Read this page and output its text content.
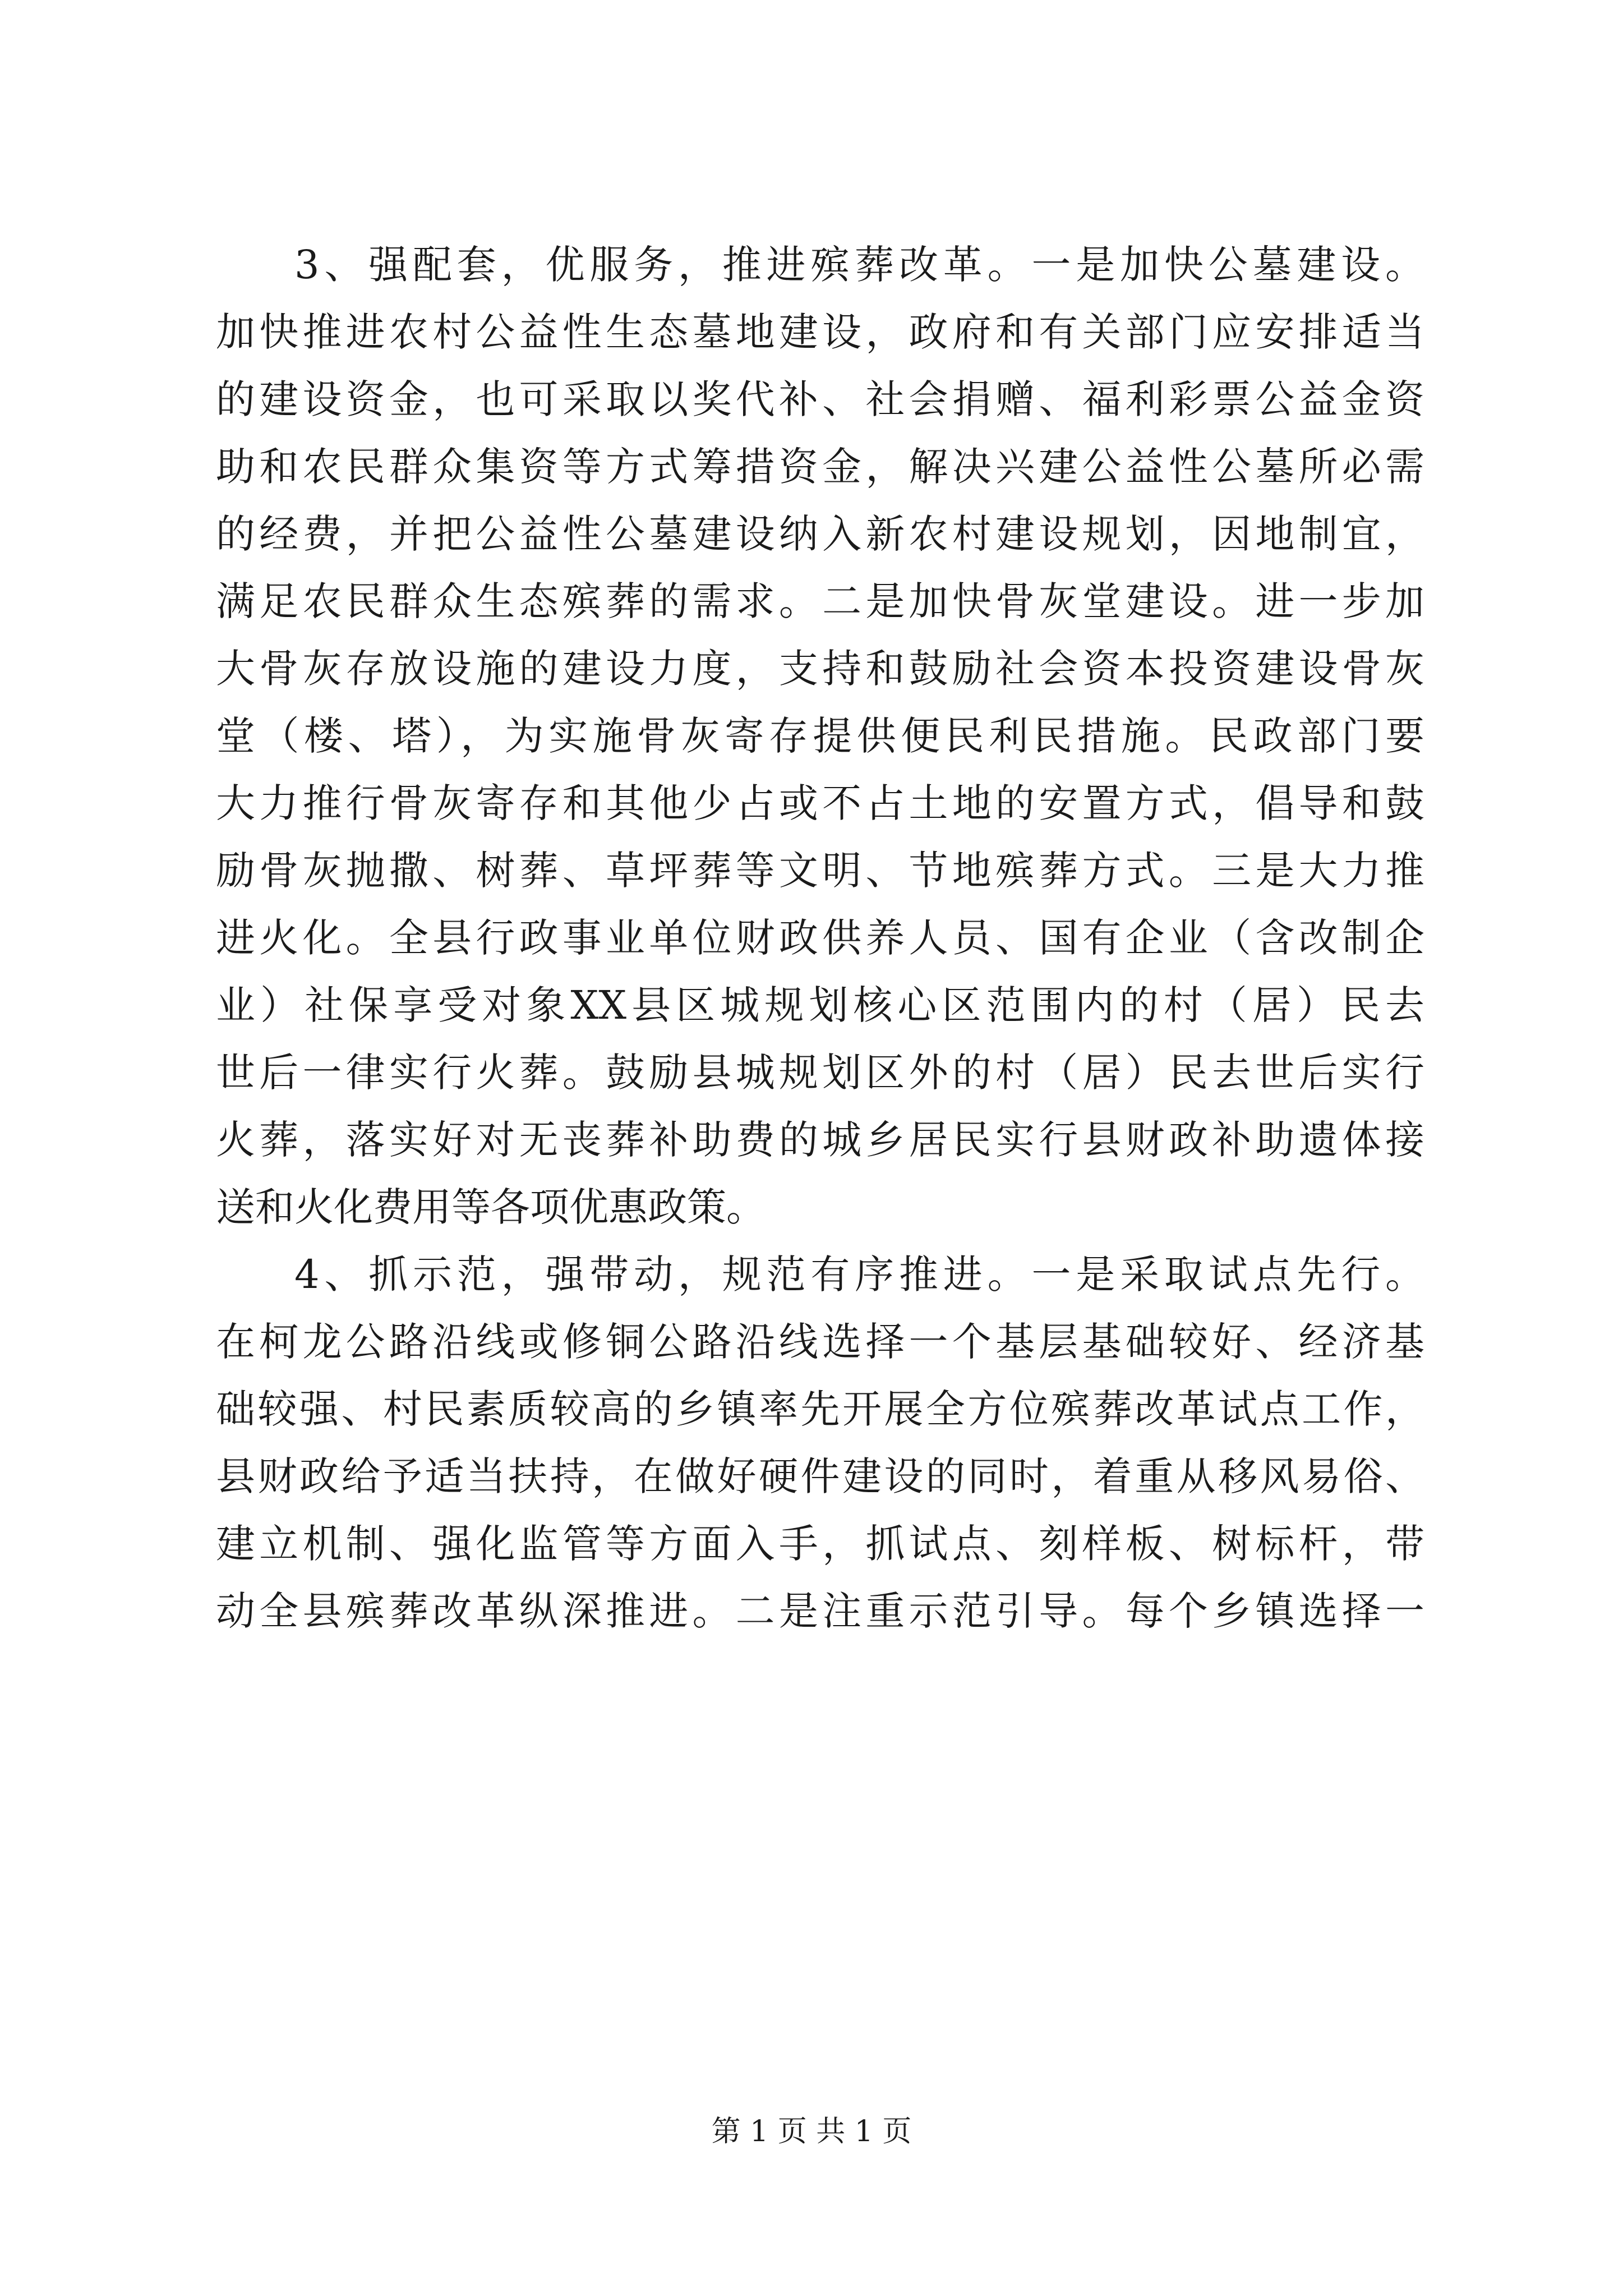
3、强配套，优服务，推进殡葬改革。一是加快公墓建设。
加快推进农村公益性生态墓地建设，政府和有关部门应安排适当
的建设资金，也可采取以奖代补、社会捐赠、福利彩票公益金资
助和农民群众集资等方式筹措资金，解决兴建公益性公墓所必需
的经费，并把公益性公墓建设纳入新农村建设规划，因地制宜，
满足农民群众生态殡葬的需求。二是加快骨灰堂建设。进一步加
大骨灰存放设施的建设力度，支持和鼓励社会资本投资建设骨灰
堂（楼、塔），为实施骨灰寄存提供便民利民措施。民政部门要
大力推行骨灰寄存和其他少占或不占土地的安置方式，倡导和鼓
励骨灰抛撒、树葬、草坪葬等文明、节地殡葬方式。三是大力推
进火化。全县行政事业单位财政供养人员、国有企业（含改制企
业）社保享受对象XX县区城规划核心区范围内的村（居）民去
世后一律实行火葬。鼓励县城规划区外的村（居）民去世后实行
火葬，落实好对无丧葬补助费的城乡居民实行县财政补助遗体接
送和火化费用等各项优惠政策。
4、抓示范，强带动，规范有序推进。一是采取试点先行。
在柯龙公路沿线或修铜公路沿线选择一个基层基础较好、经济基
础较强、村民素质较高的乡镇率先开展全方位殡葬改革试点工作，
县财政给予适当扶持，在做好硬件建设的同时，着重从移风易俗、
建立机制、强化监管等方面入手，抓试点、刻样板、树标杆，带
动全县殡葬改革纵深推进。二是注重示范引导。每个乡镇选择一
第 1 页 共 1 页
